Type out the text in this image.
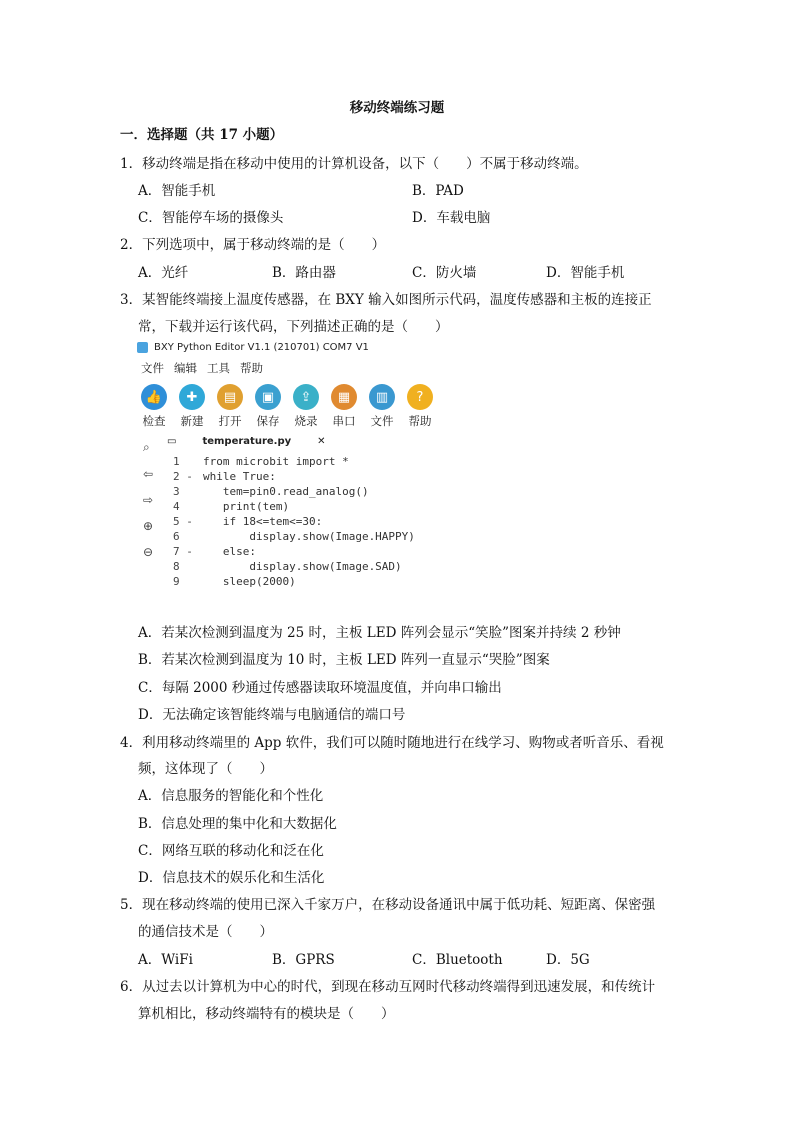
移动终端练习题
一．选择题（共 17 小题）
1．移动终端是指在移动中使用的计算机设备，以下（　　）不属于移动终端。
A．智能手机	B．PAD
C．智能停车场的摄像头	D．车载电脑
2．下列选项中，属于移动终端的是（　　）
A．光纤	B．路由器	C．防火墙	D．智能手机
3．某智能终端接上温度传感器，在 BXY 输入如图所示代码，温度传感器和主板的连接正
常，下载并运行该代码，下列描述正确的是（　　）
BXY Python Editor V1.1 (210701) COM7 V1
文件 编辑 工具 帮助
👍
检查
✚
新建
▤
打开
▣
保存
⇪
烧录
▦
串口
▥
文件
?
帮助
⌕
⇦
⇨
⊕
⊖
▭	temperature.py	✕
1	from microbit import *
2 - while True:
3	tem=pin0.read_analog()
4	print(tem)
5 - if 18<=tem<=30:
6	display.show(Image.HAPPY)
7 - else:
8	display.show(Image.SAD)
9	sleep(2000)
A．若某次检测到温度为 25 时，主板 LED 阵列会显示“笑脸”图案并持续 2 秒钟
B．若某次检测到温度为 10 时，主板 LED 阵列一直显示“哭脸”图案
C．每隔 2000 秒通过传感器读取环境温度值，并向串口输出
D．无法确定该智能终端与电脑通信的端口号
4．利用移动终端里的 App 软件，我们可以随时随地进行在线学习、购物或者听音乐、看视
频，这体现了（　　）
A．信息服务的智能化和个性化
B．信息处理的集中化和大数据化
C．网络互联的移动化和泛在化
D．信息技术的娱乐化和生活化
5．现在移动终端的使用已深入千家万户，在移动设备通讯中属于低功耗、短距离、保密强
的通信技术是（　　）
A．WiFi	B．GPRS	C．Bluetooth	D．5G
6．从过去以计算机为中心的时代，到现在移动互网时代移动终端得到迅速发展，和传统计
算机相比，移动终端特有的模块是（　　）
